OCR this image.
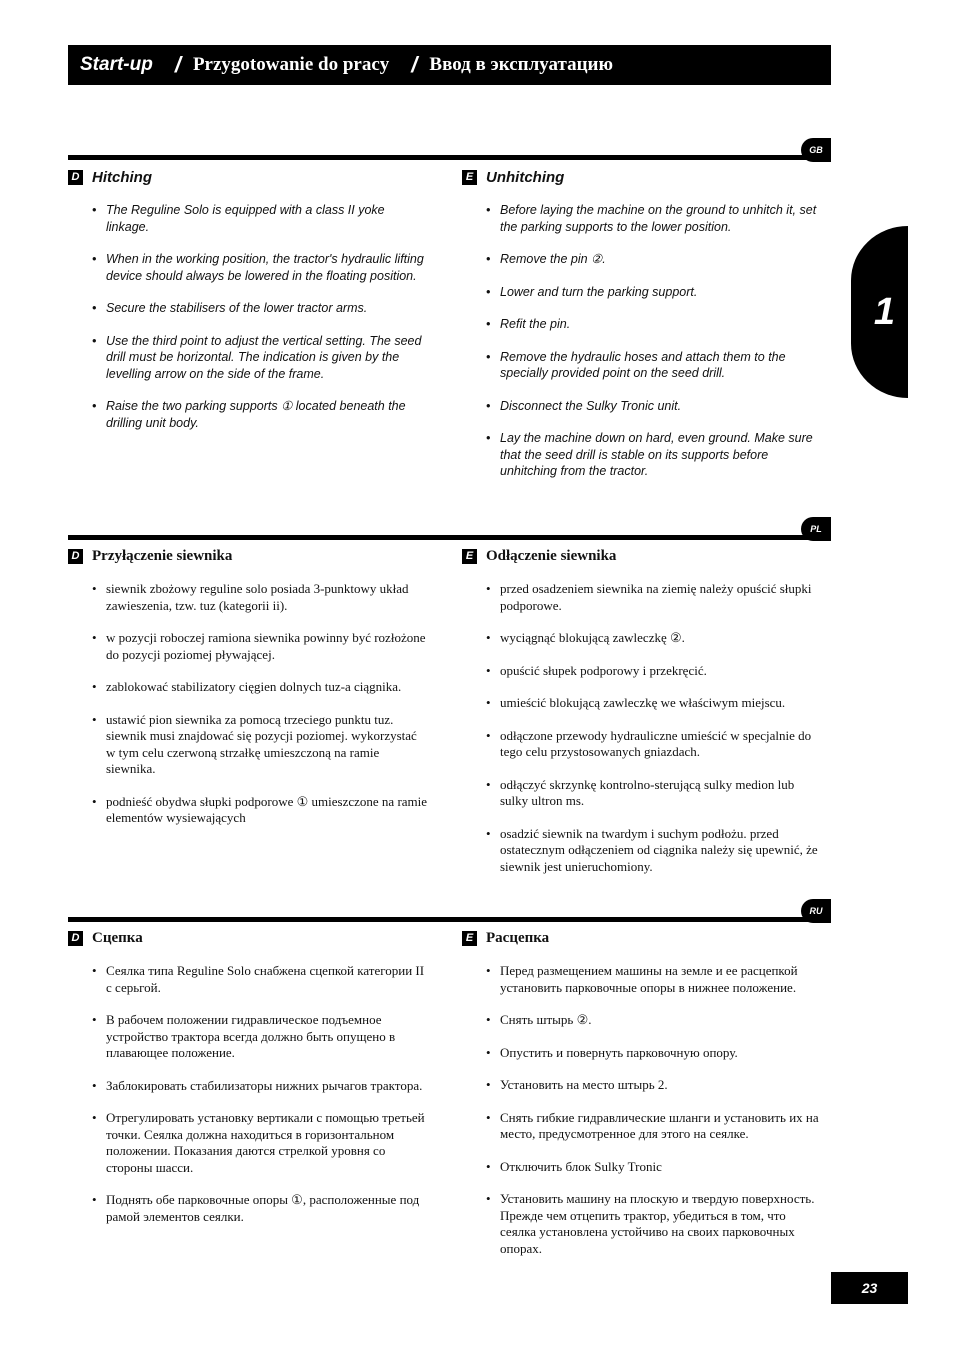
Start-up / Przygotowanie do pracy / Ввод в эксплуатацию
1
GB
D Hitching
• The Reguline Solo is equipped with a class II yoke linkage.
• When in the working position, the tractor's hydraulic lifting device should always be lowered in the floating position.
• Secure the stabilisers of the lower tractor arms.
• Use the third point to adjust the vertical setting. The seed drill must be horizontal. The indication is given by the levelling arrow on the side of the frame.
• Raise the two parking supports ① located beneath the drilling unit body.
E Unhitching
• Before laying the machine on the ground to unhitch it, set the parking supports to the lower position.
• Remove the pin ②.
• Lower and turn the parking support.
• Refit the pin.
• Remove the hydraulic hoses and attach them to the specially provided point on the seed drill.
• Disconnect the Sulky Tronic unit.
• Lay the machine down on hard, even ground. Make sure that the seed drill is stable on its supports before unhitching from the tractor.
PL
D Przyłączenie siewnika
• siewnik zbożowy reguline solo posiada 3-punktowy układ zawieszenia, tzw. tuz (kategorii ii).
• w pozycji roboczej ramiona siewnika powinny być rozłożone do pozycji poziomej pływającej.
• zablokować stabilizatory cięgien dolnych tuz-a ciągnika.
• ustawić pion siewnika za pomocą trzeciego punktu tuz. siewnik musi znajdować się pozycji poziomej. wykorzystać w tym celu czerwoną strzałkę umieszczoną na ramie siewnika.
• podnieść obydwa słupki podporowe ① umieszczone na ramie elementów wysiewających
E Odłączenie siewnika
• przed osadzeniem siewnika na ziemię należy opuścić słupki podporowe.
• wyciągnąć blokującą zawleczkę ②.
• opuścić słupek podporowy i przekręcić.
• umieścić blokującą zawleczkę we właściwym miejscu.
• odłączone przewody hydrauliczne umieścić w specjalnie do tego celu przystosowanych gniazdach.
• odłączyć skrzynkę kontrolno-sterującą sulky medion lub sulky ultron ms.
• osadzić siewnik na twardym i suchym podłożu. przed ostatecznym odłączeniem od ciągnika należy się upewnić, że siewnik jest unieruchomiony.
RU
D Сцепка
• Сеялка типа Reguline Solo снабжена сцепкой категории II с серьгой.
• В рабочем положении гидравлическое подъемное устройство трактора всегда должно быть опущено в плавающее положение.
• Заблокировать стабилизаторы нижних рычагов трактора.
• Отрегулировать установку вертикали с помощью третьей точки. Сеялка должна находиться в горизонтальном положении. Показания даются стрелкой уровня со стороны шасси.
• Поднять обе парковочные опоры ①, расположенные под рамой элементов сеялки.
E Расцепка
• Перед размещением машины на земле и ее расцепкой установить парковочные опоры в нижнее положение.
• Снять штырь ②.
• Опустить и повернуть парковочную опору.
• Установить на место штырь 2.
• Снять гибкие гидравлические шланги и установить их на место, предусмотренное для этого на сеялке.
• Отключить блок Sulky Tronic
• Установить машину на плоскую и твердую поверхность. Прежде чем отцепить трактор, убедиться в том, что сеялка установлена устойчиво на своих парковочных опорах.
23
